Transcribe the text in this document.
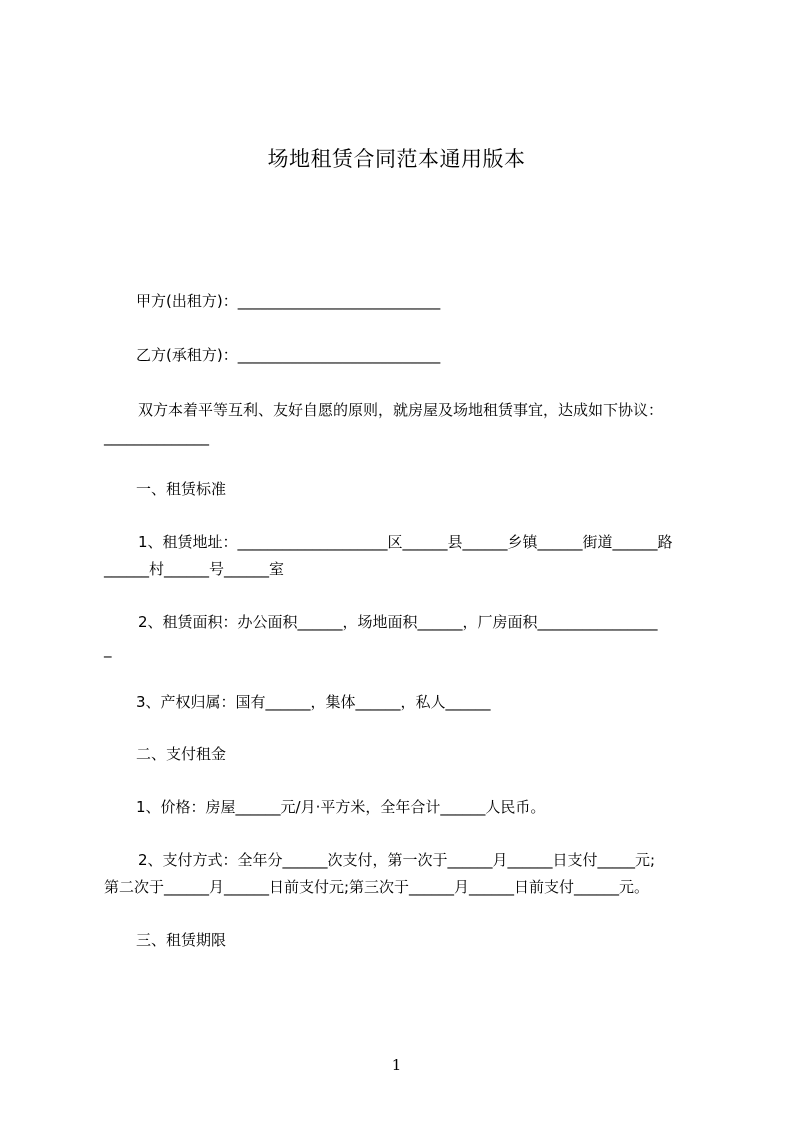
场地租赁合同范本通用版本
甲方(出租方)：___________________________
乙方(承租方)：___________________________
双方本着平等互利、友好自愿的原则，就房屋及场地租赁事宜，达成如下协议：
______________
一、租赁标准
1、租赁地址：____________________区______县______乡镇______街道______路
______村______号______室
2、租赁面积：办公面积______，场地面积______，厂房面积________________
_
3、产权归属：国有______，集体______，私人______
二、支付租金
1、价格：房屋______元/月·平方米，全年合计______人民币。
2、支付方式：全年分______次支付，第一次于______月______日支付_____元;
第二次于______月______日前支付元;第三次于______月______日前支付______元。
三、租赁期限
1
